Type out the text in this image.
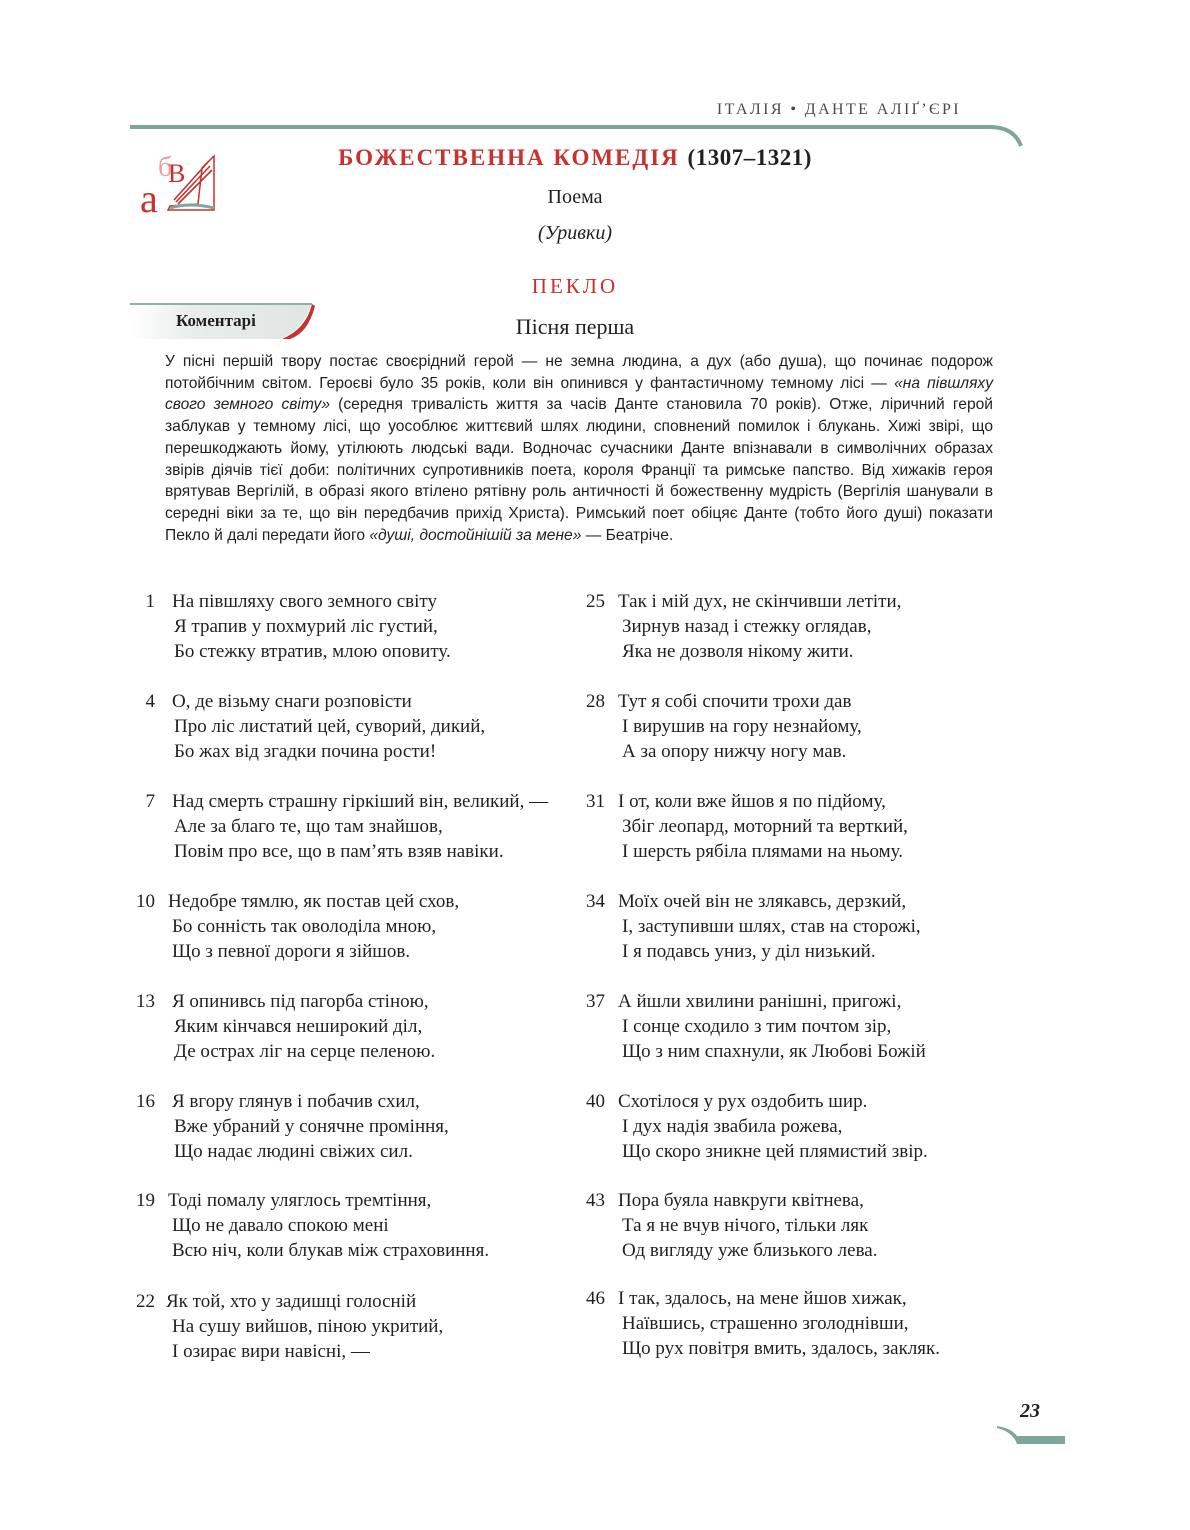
ІТАЛІЯ • ДАНТЕ АЛІҐ’ЄРІ
б
В
а
БОЖЕСТВЕННА КОМЕДІЯ (1307–1321)
Поема
(Уривки)
ПЕКЛО
Пісня перша
Коментарі
У пісні першій твору постає своєрідний герой — не земна людина, а дух (або душа), що починає подорож потойбічним світом. Героєві було 35 років, коли він опинився у фантастичному темному лісі — «на півшляху свого земного світу» (середня тривалість життя за часів Данте становила 70 років). Отже, ліричний герой заблукав у темному лісі, що уособлює життєвий шлях людини, сповнений помилок і блукань. Хижі звірі, що перешкоджають йому, утілюють людські вади. Водночас сучасники Данте впізнавали в символічних образах звірів діячів тієї доби: політичних супротивників поета, короля Франції та римське папство. Від хижаків героя врятував Вергілій, в образі якого втілено рятівну роль античності й божественну мудрість (Вергілія шанували в середні віки за те, що він передбачив прихід Христа). Римський поет обіцяє Данте (тобто його душі) показати Пекло й далі передати його «душі, достойнішій за мене» — Беатріче.
1 На півшляху свого земного світу
Я трапив у похмурий ліс густий,
Бо стежку втратив, млою оповиту.
4 О, де візьму снаги розповісти
Про ліс листатий цей, суворий, дикий,
Бо жах від згадки почина рости!
7 Над смерть страшну гіркіший він, великий, —
Але за благо те, що там знайшов,
Повім про все, що в пам’ять взяв навіки.
10 Недобре тямлю, як постав цей схов,
Бо сонність так оволоділа мною,
Що з певної дороги я зійшов.
13 Я опинивсь під пагорба стіною,
Яким кінчався неширокий діл,
Де острах ліг на серце пеленою.
16 Я вгору глянув і побачив схил,
Вже убраний у сонячне проміння,
Що надає людині свіжих сил.
19 Тоді помалу уляглось тремтіння,
Що не давало спокою мені
Всю ніч, коли блукав між страховиння.
22 Як той, хто у задишці голосній
На сушу вийшов, піною укритий,
І озирає вири навісні, —
25 Так і мій дух, не скінчивши летіти,
Зирнув назад і стежку оглядав,
Яка не дозволя нікому жити.
28 Тут я собі спочити трохи дав
І вирушив на гору незнайому,
А за опору нижчу ногу мав.
31 І от, коли вже йшов я по підйому,
Збіг леопард, моторний та верткий,
І шерсть рябіла плямами на ньому.
34 Моїх очей він не злякавсь, дерзкий,
І, заступивши шлях, став на сторожі,
І я подавсь униз, у діл низький.
37 А йшли хвилини ранішні, пригожі,
І сонце сходило з тим почтом зір,
Що з ним спахнули, як Любові Божій
40 Схотілося у рух оздобить шир.
І дух надія звабила рожева,
Що скоро зникне цей плямистий звір.
43 Пора буяла навкруги квітнева,
Та я не вчув нічого, тільки ляк
Од вигляду уже близького лева.
46 І так, здалось, на мене йшов хижак,
Наївшись, страшенно зголоднівши,
Що рух повітря вмить, здалось, закляк.
23
